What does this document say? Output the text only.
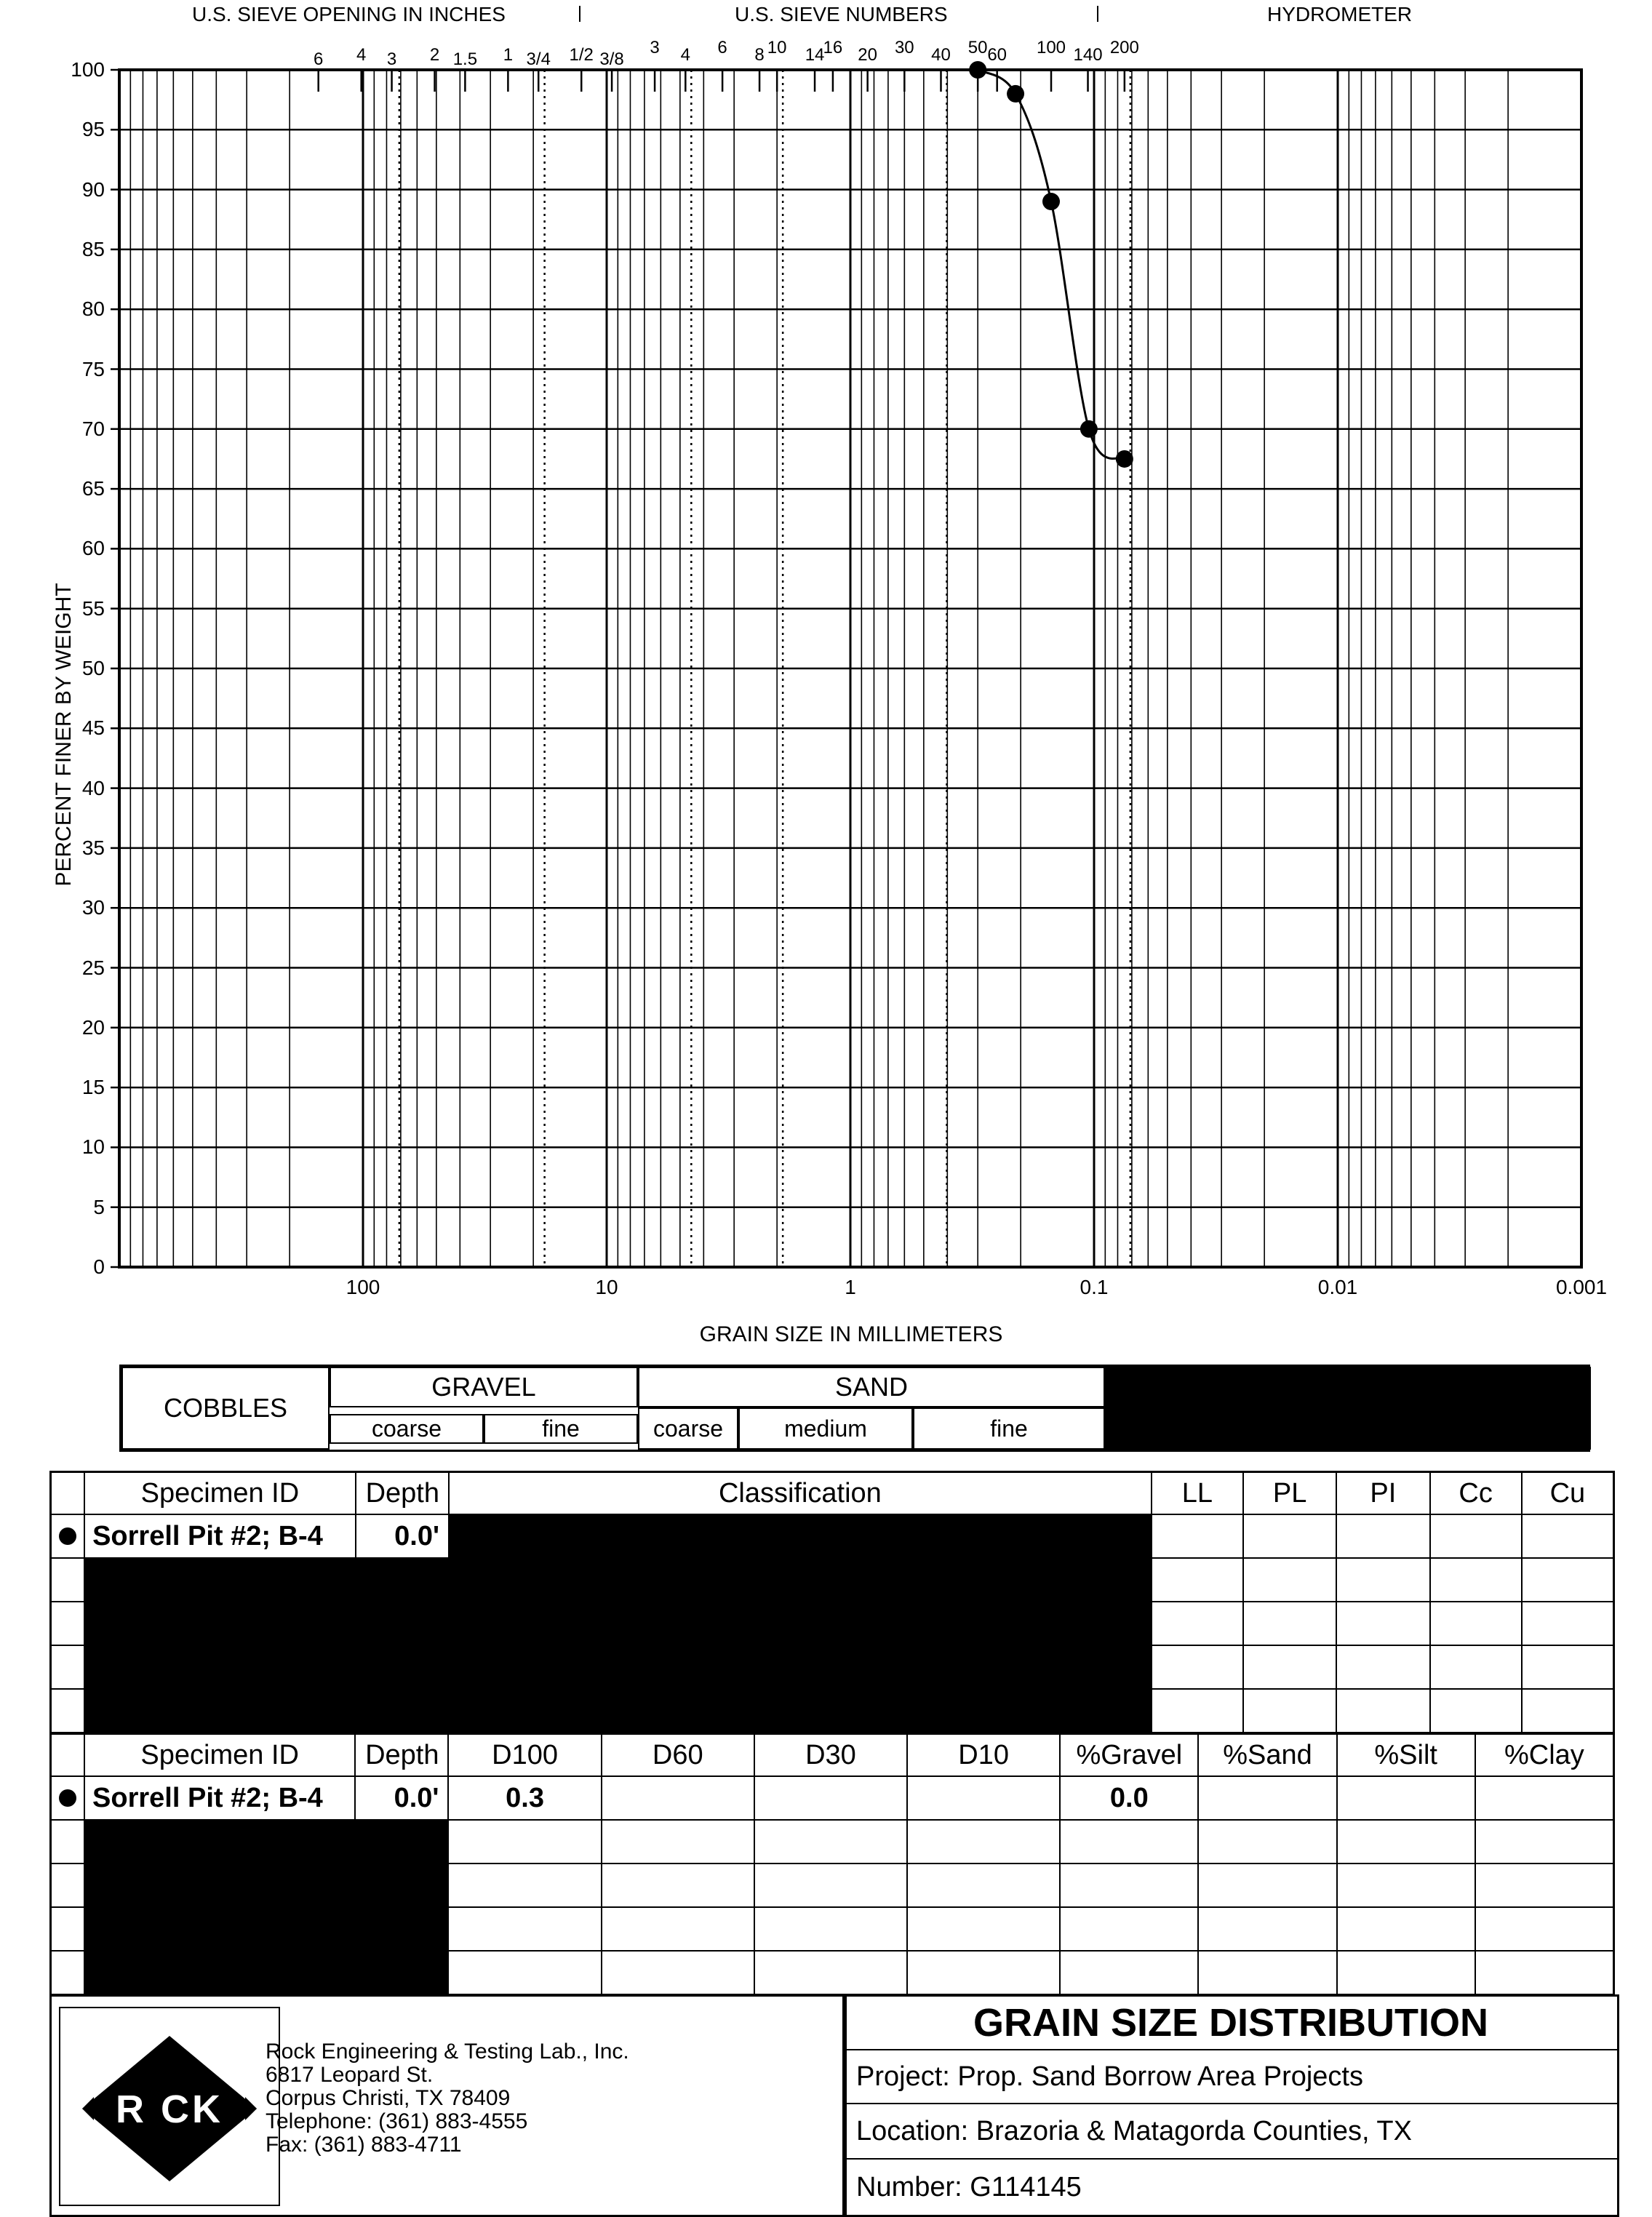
U.S. SIEVE OPENING IN INCHES	U.S. SIEVE NUMBERS	HYDROMETER
6 4 3 2 1.5 1 3/4 1/2 3/8
3 4 6 8 10 14
16 20 30 40 50 60 100 140 200
100
95
90
85
80
75
70
65
60
55
50
45
40
35
30
25
20
15
10
5
0
100	10	1	0.1	0.01	0.001
PERCENT FINER BY WEIGHT
GRAIN SIZE IN MILLIMETERS
COBBLES
GRAVEL	SAND
coarse	fine	coarse	medium	fine
	Specimen ID	Depth	Classification	LL	PL	PI	Cc	Cu
	Sorrell Pit #2; B-4	0.0'						

	Specimen ID	Depth	D100	D60	D30	D10	%Gravel	%Sand	%Silt	%Clay
	Sorrell Pit #2; B-4	0.0'	0.3				0.0			

R CK
Rock Engineering & Testing Lab., Inc.
6817 Leopard St.
Corpus Christi, TX 78409
Telephone: (361) 883-4555
Fax: (361) 883-4711
GRAIN SIZE DISTRIBUTION
Project: Prop. Sand Borrow Area Projects
Location: Brazoria & Matagorda Counties, TX
Number: G114145
